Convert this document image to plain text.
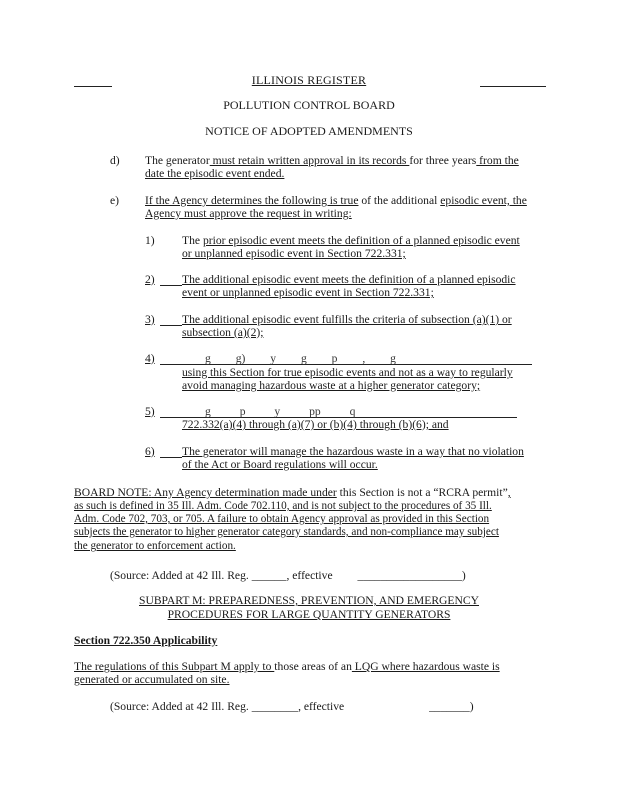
ILLINOIS REGISTER
POLLUTION CONTROL BOARD
NOTICE OF ADOPTED AMENDMENTS
d) The generator must retain written approval in its records for three years from the
date the episodic event ended.
e) If the Agency determines the following is true of the additional episodic event, the
Agency must approve the request in writing:
1) The prior episodic event meets the definition of a planned episodic event
or unplanned episodic event in Section 722.331;
2) The additional episodic event meets the definition of a planned episodic
event or unplanned episodic event in Section 722.331;
3) The additional episodic event fulfills the criteria of subsection (a)(1) or
subsection (a)(2);
4)	g g) y g p , g
using this Section for true episodic events and not as a way to regularly
avoid managing hazardous waste at a higher generator category;
5)	g p y pp q
722.332(a)(4) through (a)(7) or (b)(4) through (b)(6); and
6) The generator will manage the hazardous waste in a way that no violation
of the Act or Board regulations will occur.
BOARD NOTE: Any Agency determination made under this Section is not a “RCRA permit”,
as such is defined in 35 Ill. Adm. Code 702.110, and is not subject to the procedures of 35 Ill.
Adm. Code 702, 703, or 705. A failure to obtain Agency approval as provided in this Section
subjects the generator to higher generator category standards, and non-compliance may subject
the generator to enforcement action.
(Source: Added at 42 Ill. Reg. ______, effective __________________)
SUBPART M: PREPAREDNESS, PREVENTION, AND EMERGENCY
PROCEDURES FOR LARGE QUANTITY GENERATORS
Section 722.350 Applicability
The regulations of this Subpart M apply to those areas of an LQG where hazardous waste is
generated or accumulated on site.
(Source: Added at 42 Ill. Reg. ________, effective	_______)
